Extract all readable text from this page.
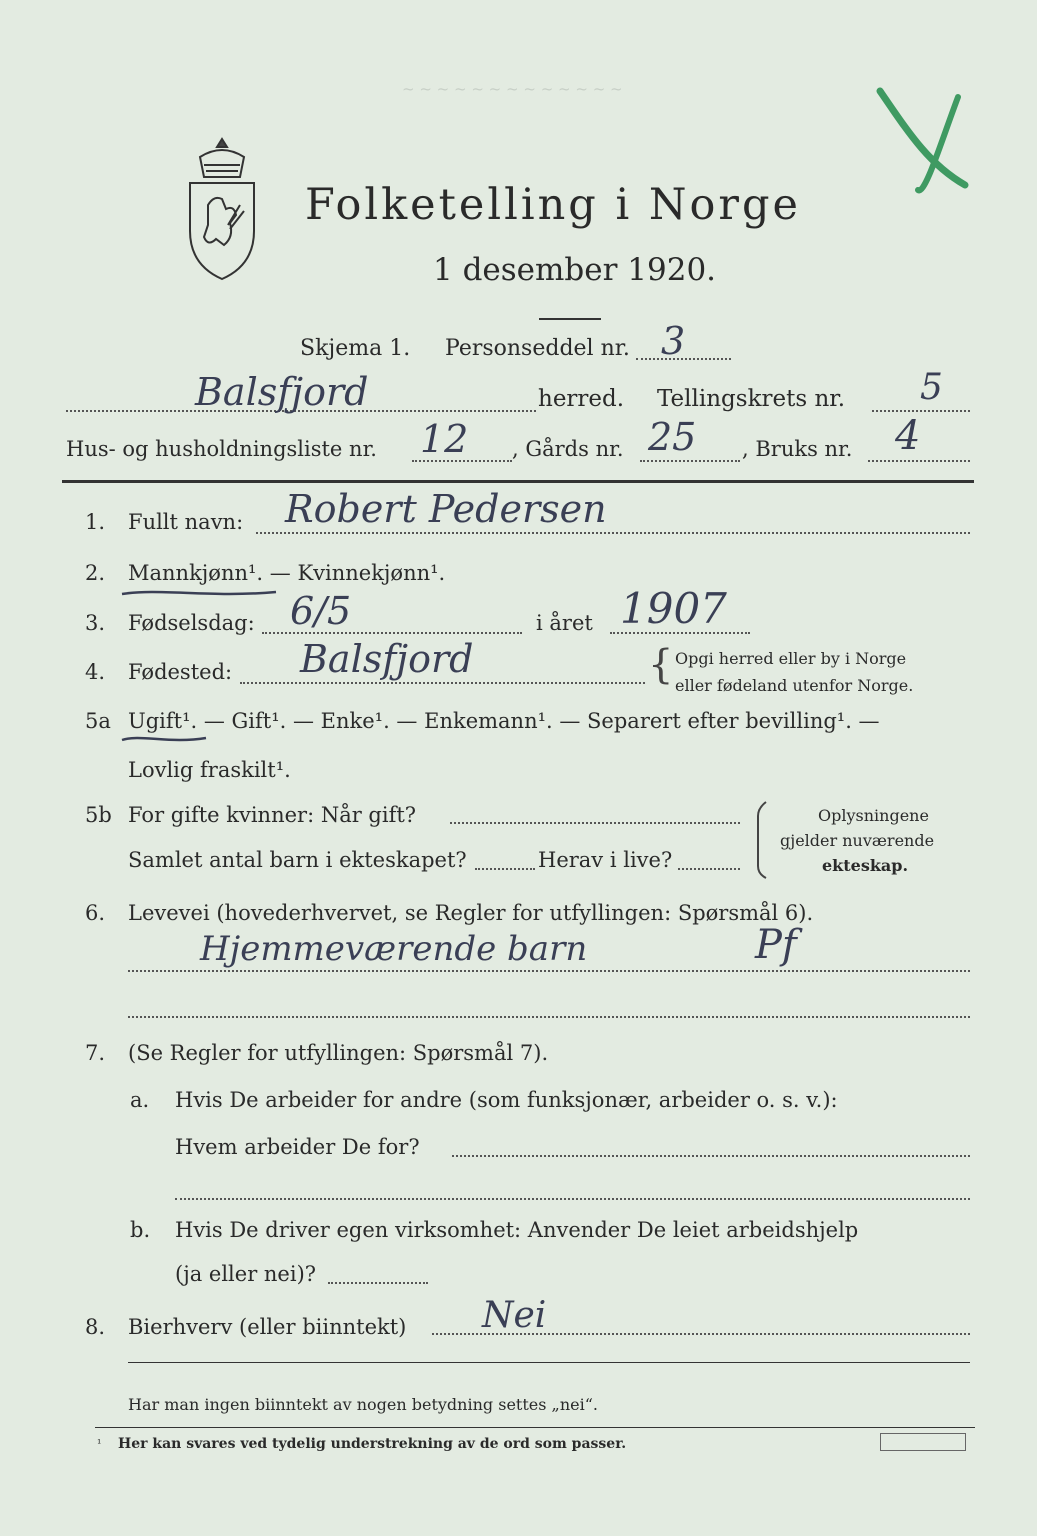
~ ~ ~ ~ ~ ~ ~ ~ ~ ~ ~ ~ ~
Folketelling i Norge
1 desember 1920.
Skjema 1. Personseddel nr. 3
Balsfjord	herred. Tellingskrets nr. 5
Hus- og husholdningsliste nr. 12 , Gårds nr. 25 , Bruks nr. 4
1. Fullt navn: Robert Pedersen
2. Mannkjønn¹. — Kvinnekjønn¹.
3. Fødselsdag: 6/5	i året 1907
4. Fødested: Balsfjord	{ Opgi herred eller by i Norge
eller fødeland utenfor Norge.
5a Ugift¹. — Gift¹. — Enke¹. — Enkemann¹. — Separert efter bevilling¹. —
Lovlig fraskilt¹.
5b For gifte kvinner: Når gift?
Samlet antal barn i ekteskapet?	Herav i live?
Oplysningene
gjelder nuværende
ekteskap.
6. Levevei (hovederhvervet, se Regler for utfyllingen: Spørsmål 6).
Hjemmeværende barn	Pf
7. (Se Regler for utfyllingen: Spørsmål 7).
a. Hvis De arbeider for andre (som funksjonær, arbeider o. s. v.):
Hvem arbeider De for?
b. Hvis De driver egen virksomhet: Anvender De leiet arbeidshjelp
(ja eller nei)?
8. Bierhverv (eller biinntekt) Nei
Har man ingen biinntekt av nogen betydning settes „nei“.
¹ Her kan svares ved tydelig understrekning av de ord som passer.
